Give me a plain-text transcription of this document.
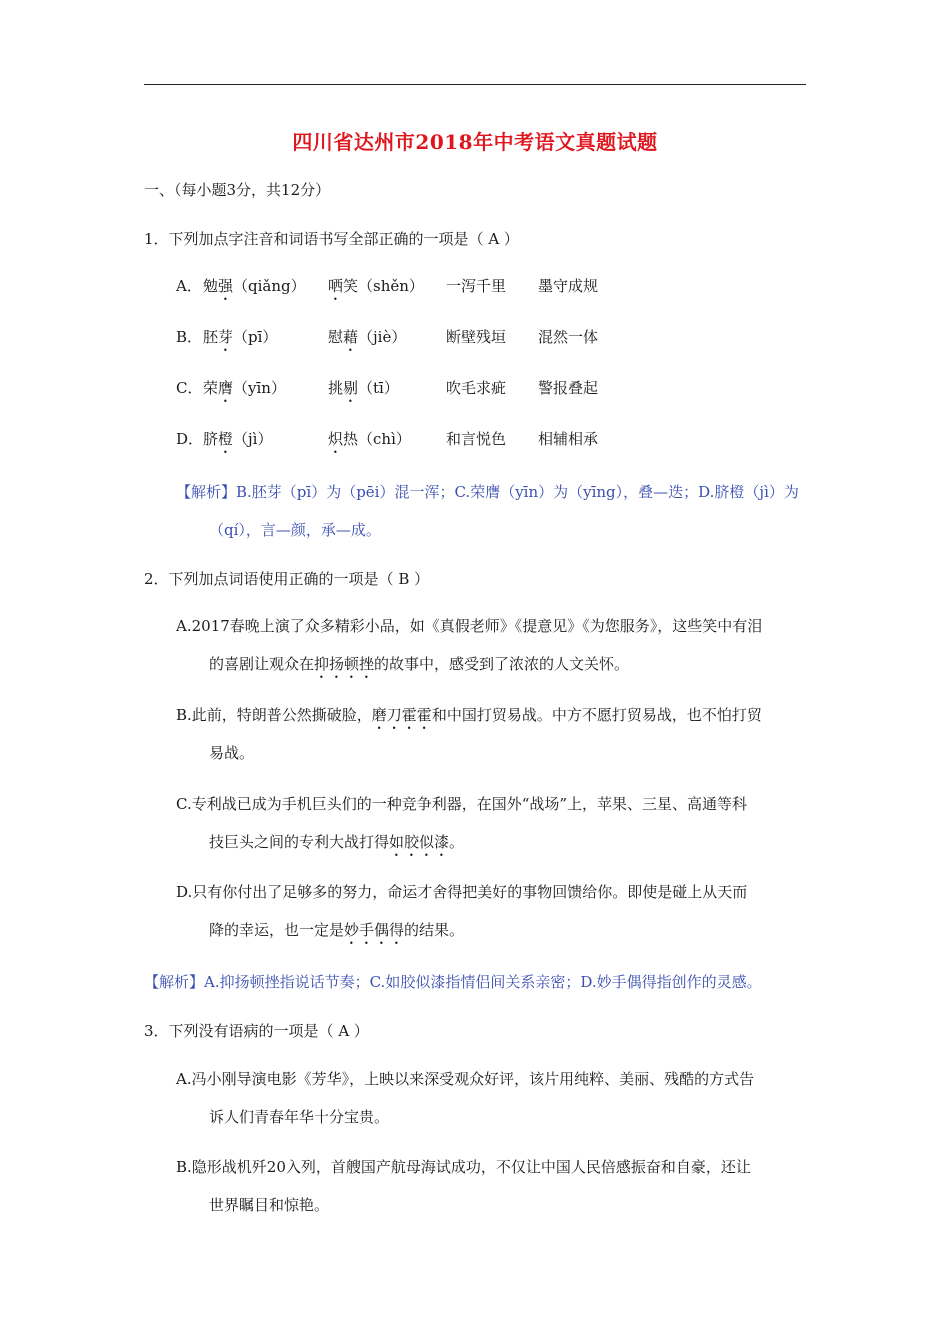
四川省达州市2018年中考语文真题试题
一、（每小题3分，共12分）
1．下列加点字注音和词语书写全部正确的一项是（ A ）
A． 勉强（qiǎng） 哂笑（shěn） 一泻千里 墨守成规
B． 胚芽（pī）	慰藉（jiè）	断壁残垣 混然一体
C． 荣膺（yīn）	挑剔（tī）	吹毛求疵 警报叠起
D． 脐橙（jì）	炽热（chì） 和言悦色 相辅相承
【解析】B.胚芽（pī）为（pēi）混一浑；C.荣膺（yīn）为（yīng），叠—迭；D.脐橙（jì）为
（qí），言—颜，承—成。
2．下列加点词语使用正确的一项是（ B ）
A.2017春晚上演了众多精彩小品，如《真假老师》《提意见》《为您服务》，这些笑中有泪
的喜剧让观众在抑扬顿挫的故事中，感受到了浓浓的人文关怀。
B.此前，特朗普公然撕破脸，磨刀霍霍和中国打贸易战。中方不愿打贸易战，也不怕打贸
易战。
C.专利战已成为手机巨头们的一种竞争利器，在国外“战场”上，苹果、三星、高通等科
技巨头之间的专利大战打得如胶似漆。
D.只有你付出了足够多的努力，命运才舍得把美好的事物回馈给你。即使是碰上从天而
降的幸运，也一定是妙手偶得的结果。
【解析】A.抑扬顿挫指说话节奏；C.如胶似漆指情侣间关系亲密；D.妙手偶得指创作的灵感。
3．下列没有语病的一项是（ A ）
A.冯小刚导演电影《芳华》，上映以来深受观众好评，该片用纯粹、美丽、残酷的方式告
诉人们青春年华十分宝贵。
B.隐形战机歼20入列，首艘国产航母海试成功，不仅让中国人民倍感振奋和自豪，还让
世界瞩目和惊艳。
